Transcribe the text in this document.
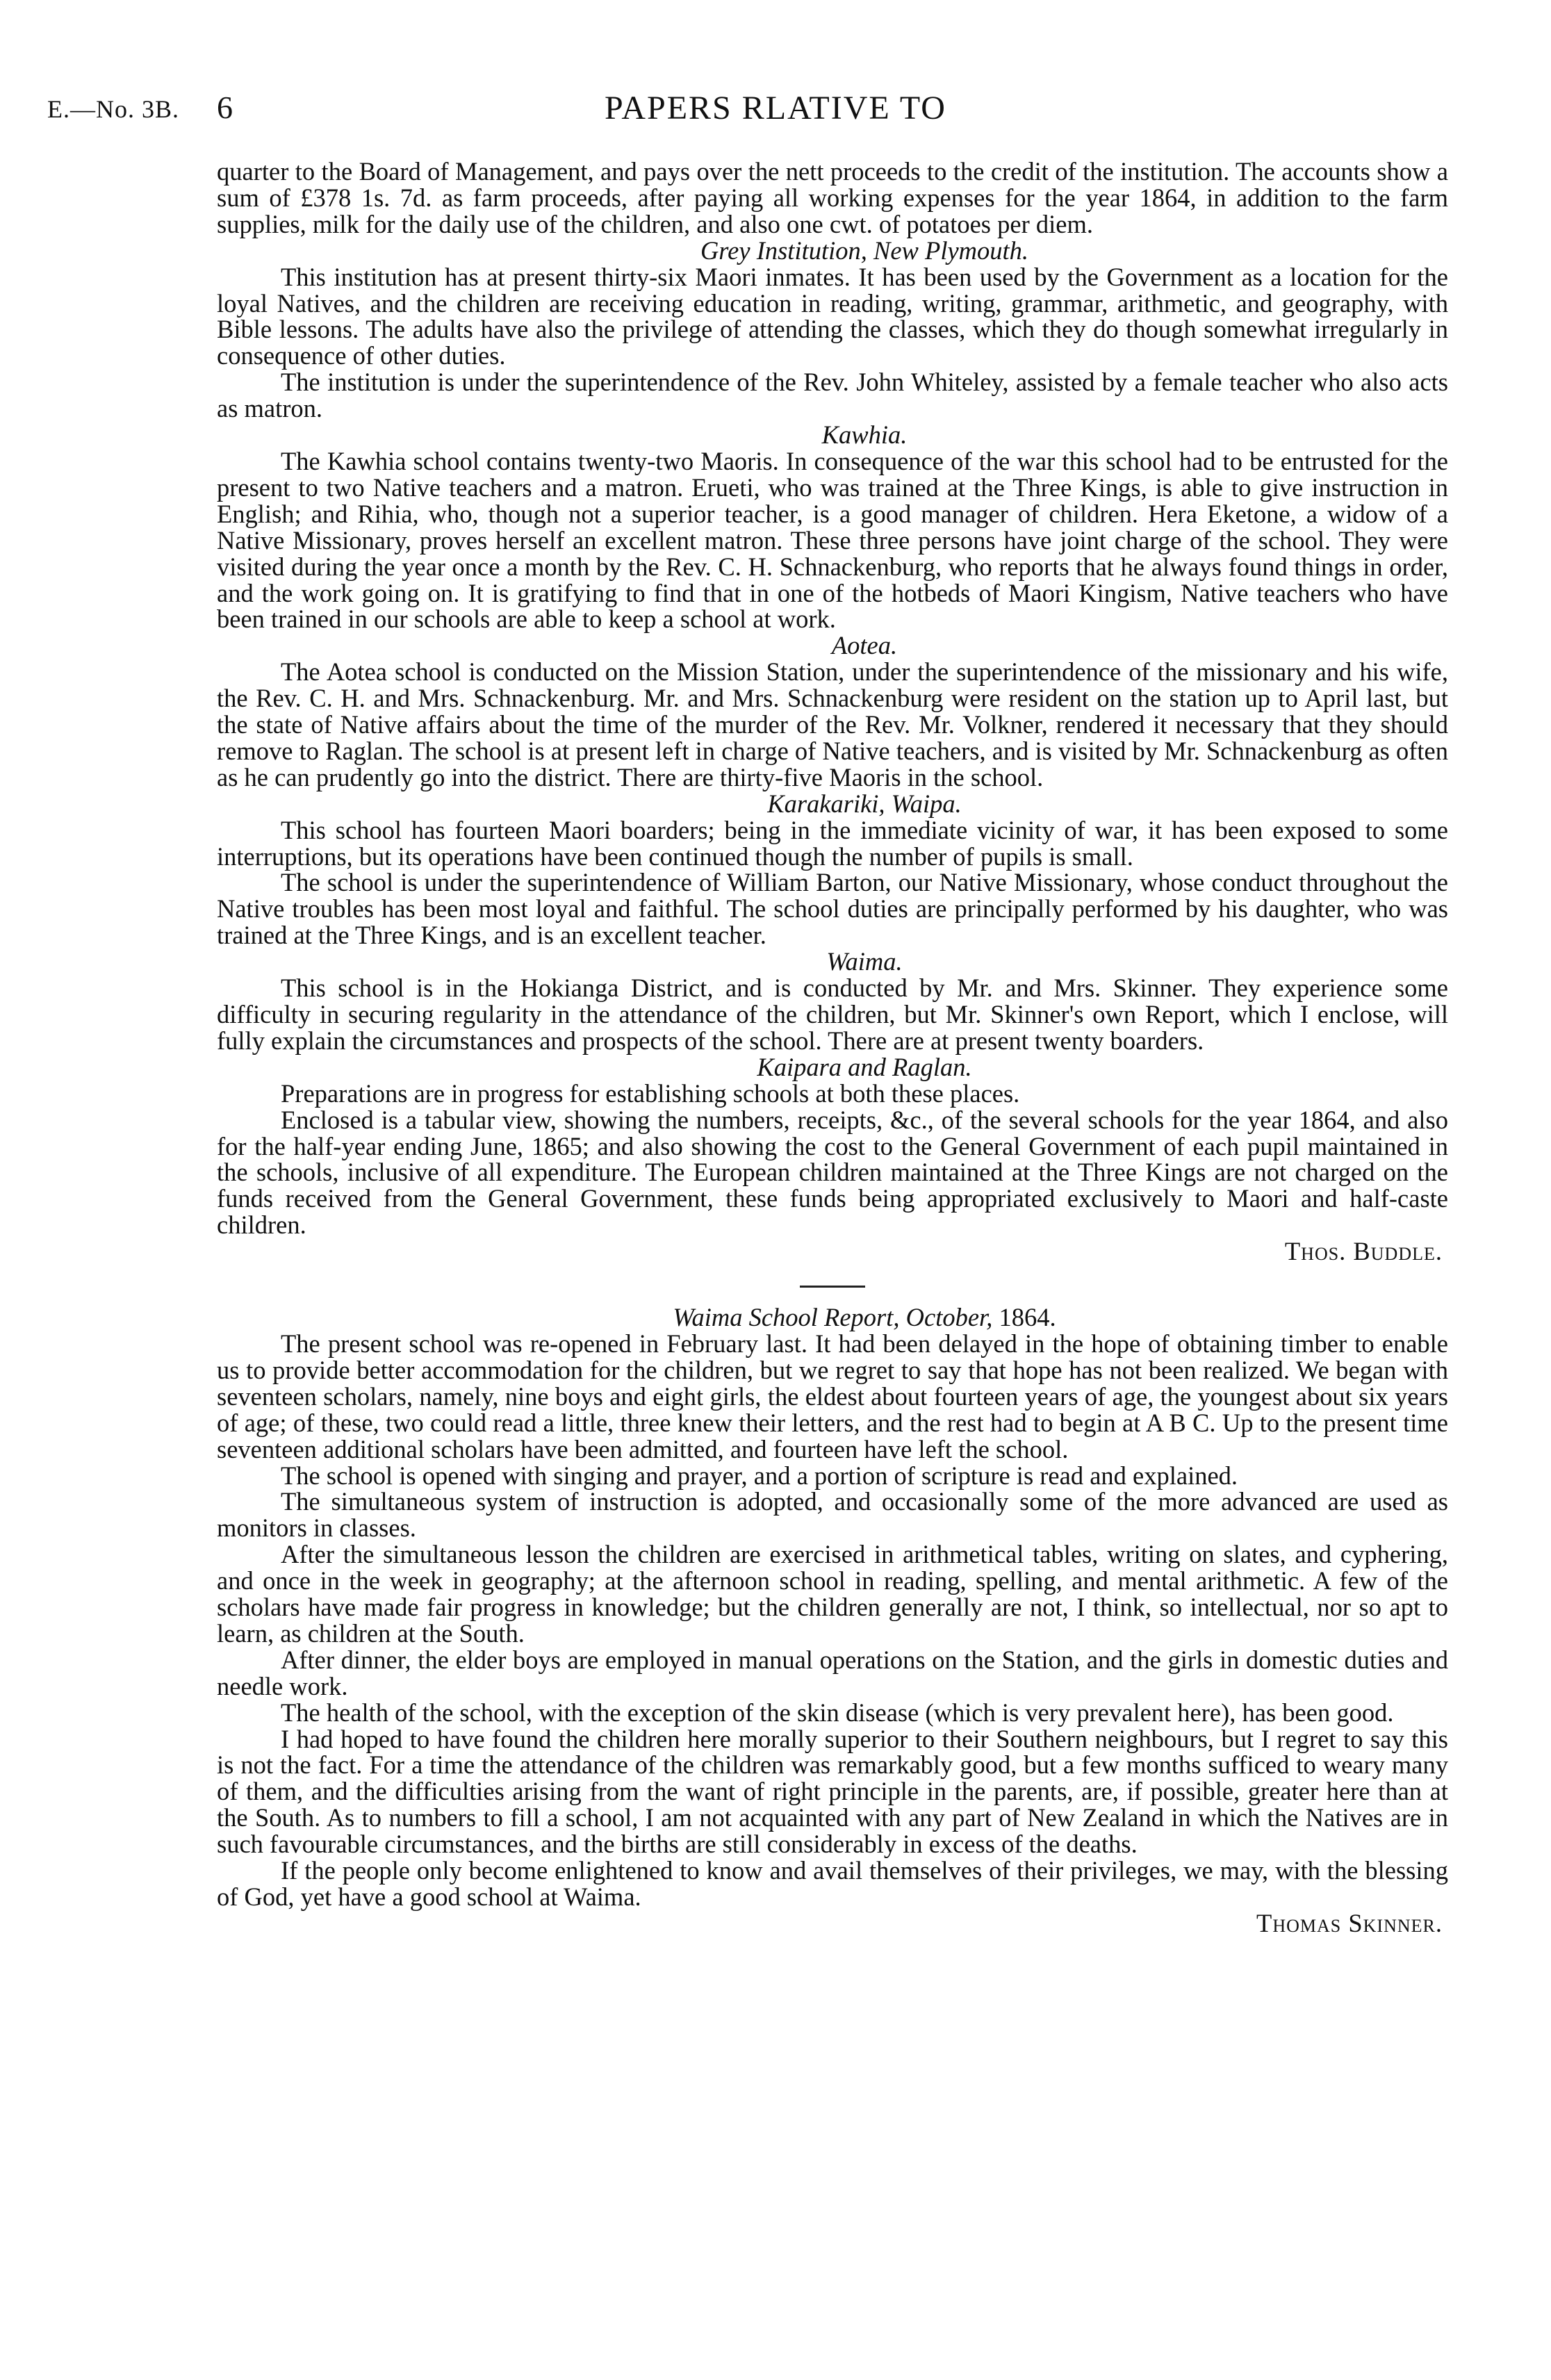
E.—No. 3B. 6	PAPERS RLATIVE TO

quarter to the Board of Management, and pays over the nett proceeds to the credit of the institution. The accounts show a sum of £378 1s. 7d. as farm proceeds, after paying all working expenses for the year 1864, in addition to the farm supplies, milk for the daily use of the children, and also one cwt. of potatoes per diem.

Grey Institution, New Plymouth.

This institution has at present thirty-six Maori inmates. It has been used by the Government as a location for the loyal Natives, and the children are receiving education in reading, writing, grammar, arithmetic, and geography, with Bible lessons. The adults have also the privilege of attending the classes, which they do though somewhat irregularly in consequence of other duties.

The institution is under the superintendence of the Rev. John Whiteley, assisted by a female teacher who also acts as matron.

Kawhia.

The Kawhia school contains twenty-two Maoris. In consequence of the war this school had to be entrusted for the present to two Native teachers and a matron. Erueti, who was trained at the Three Kings, is able to give instruction in English; and Rihia, who, though not a superior teacher, is a good manager of children. Hera Eketone, a widow of a Native Missionary, proves herself an excellent matron. These three persons have joint charge of the school. They were visited during the year once a month by the Rev. C. H. Schnackenburg, who reports that he always found things in order, and the work going on. It is gratifying to find that in one of the hotbeds of Maori Kingism, Native teachers who have been trained in our schools are able to keep a school at work.

Aotea.

The Aotea school is conducted on the Mission Station, under the superintendence of the missionary and his wife, the Rev. C. H. and Mrs. Schnackenburg. Mr. and Mrs. Schnackenburg were resident on the station up to April last, but the state of Native affairs about the time of the murder of the Rev. Mr. Volkner, rendered it necessary that they should remove to Raglan. The school is at present left in charge of Native teachers, and is visited by Mr. Schnackenburg as often as he can prudently go into the district. There are thirty-five Maoris in the school.

Karakariki, Waipa.

This school has fourteen Maori boarders; being in the immediate vicinity of war, it has been exposed to some interruptions, but its operations have been continued though the number of pupils is small.

The school is under the superintendence of William Barton, our Native Missionary, whose conduct throughout the Native troubles has been most loyal and faithful. The school duties are principally performed by his daughter, who was trained at the Three Kings, and is an excellent teacher.

Waima.

This school is in the Hokianga District, and is conducted by Mr. and Mrs. Skinner. They experience some difficulty in securing regularity in the attendance of the children, but Mr. Skinner's own Report, which I enclose, will fully explain the circumstances and prospects of the school. There are at present twenty boarders.

Kaipara and Raglan.

Preparations are in progress for establishing schools at both these places.

Enclosed is a tabular view, showing the numbers, receipts, &c., of the several schools for the year 1864, and also for the half-year ending June, 1865; and also showing the cost to the General Government of each pupil maintained in the schools, inclusive of all expenditure. The European children maintained at the Three Kings are not charged on the funds received from the General Government, these funds being appropriated exclusively to Maori and half-caste children.

Thos. Buddle.

Waima School Report, October, 1864.

The present school was re-opened in February last. It had been delayed in the hope of obtaining timber to enable us to provide better accommodation for the children, but we regret to say that hope has not been realized. We began with seventeen scholars, namely, nine boys and eight girls, the eldest about fourteen years of age, the youngest about six years of age; of these, two could read a little, three knew their letters, and the rest had to begin at A B C. Up to the present time seventeen additional scholars have been admitted, and fourteen have left the school.

The school is opened with singing and prayer, and a portion of scripture is read and explained.

The simultaneous system of instruction is adopted, and occasionally some of the more advanced are used as monitors in classes.

After the simultaneous lesson the children are exercised in arithmetical tables, writing on slates, and cyphering, and once in the week in geography; at the afternoon school in reading, spelling, and mental arithmetic. A few of the scholars have made fair progress in knowledge; but the children generally are not, I think, so intellectual, nor so apt to learn, as children at the South.

After dinner, the elder boys are employed in manual operations on the Station, and the girls in domestic duties and needle work.

The health of the school, with the exception of the skin disease (which is very prevalent here), has been good.

I had hoped to have found the children here morally superior to their Southern neighbours, but I regret to say this is not the fact. For a time the attendance of the children was remarkably good, but a few months sufficed to weary many of them, and the difficulties arising from the want of right principle in the parents, are, if possible, greater here than at the South. As to numbers to fill a school, I am not acquainted with any part of New Zealand in which the Natives are in such favourable circumstances, and the births are still considerably in excess of the deaths.

If the people only become enlightened to know and avail themselves of their privileges, we may, with the blessing of God, yet have a good school at Waima.

Thomas Skinner.
